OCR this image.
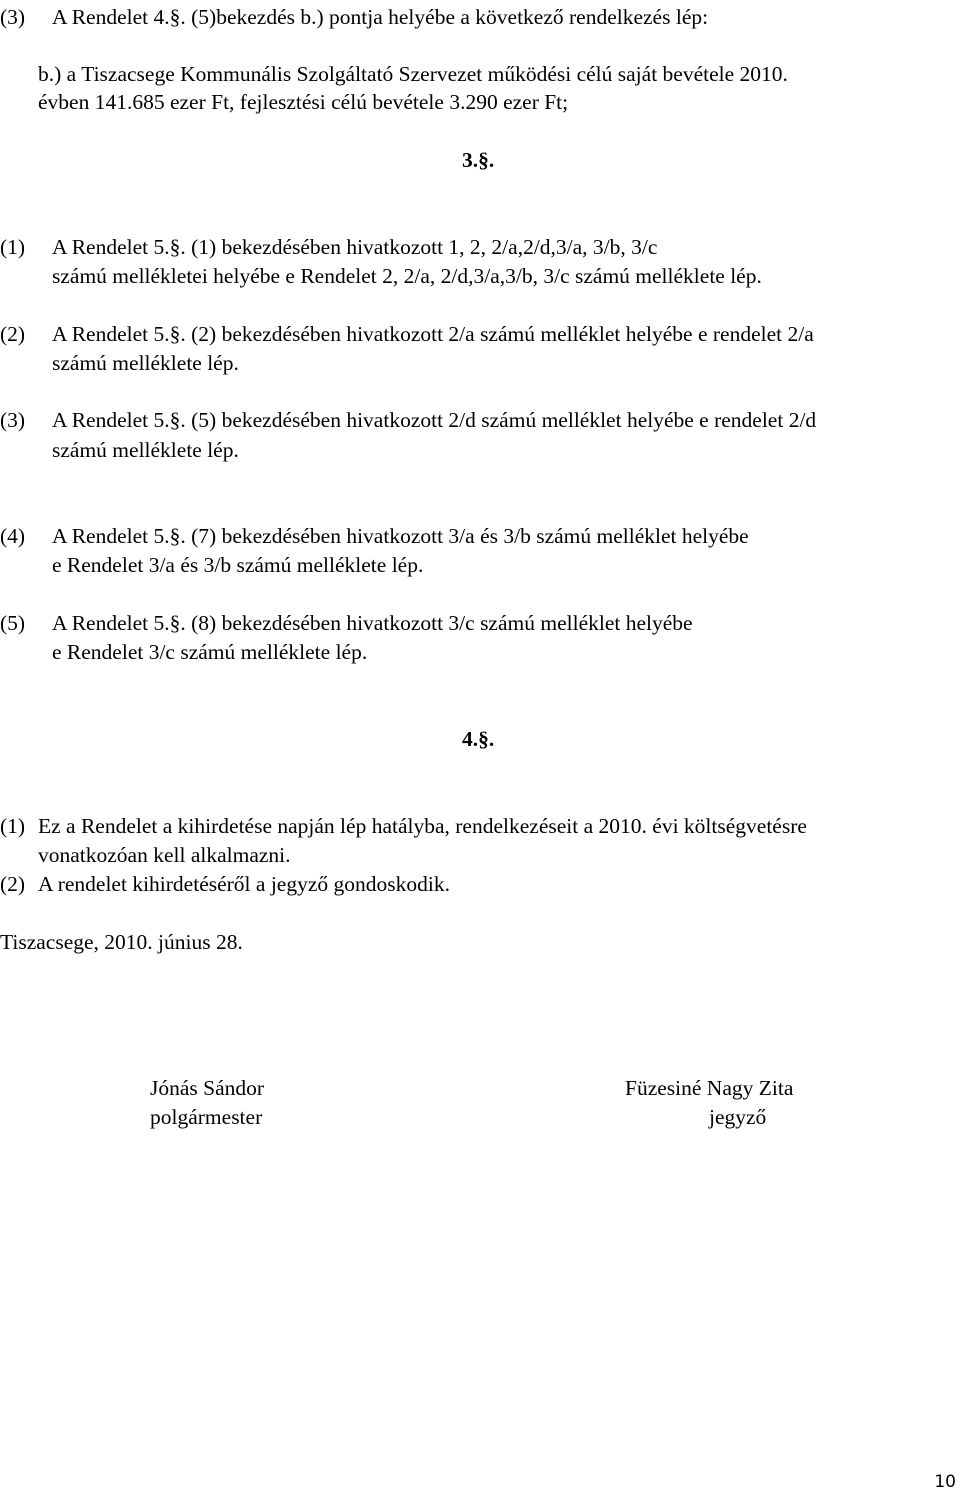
(3) A Rendelet 4.§. (5)bekezdés b.) pontja helyébe a következő rendelkezés lép:
b.) a Tiszacsege Kommunális Szolgáltató Szervezet működési célú saját bevétele 2010.
évben 141.685 ezer Ft, fejlesztési célú bevétele 3.290 ezer Ft;
3.§.
(1) A Rendelet 5.§. (1) bekezdésében hivatkozott 1, 2, 2/a,2/d,3/a, 3/b, 3/c
számú mellékletei helyébe e Rendelet 2, 2/a, 2/d,3/a,3/b, 3/c számú melléklete lép.
(2) A Rendelet 5.§. (2) bekezdésében hivatkozott 2/a számú melléklet helyébe e rendelet 2/a
számú melléklete lép.
(3) A Rendelet 5.§. (5) bekezdésében hivatkozott 2/d számú melléklet helyébe e rendelet 2/d
számú melléklete lép.
(4) A Rendelet 5.§. (7) bekezdésében hivatkozott 3/a és 3/b számú melléklet helyébe
e Rendelet 3/a és 3/b számú melléklete lép.
(5) A Rendelet 5.§. (8) bekezdésében hivatkozott 3/c számú melléklet helyébe
e Rendelet 3/c számú melléklete lép.
4.§.
(1) Ez a Rendelet a kihirdetése napján lép hatályba, rendelkezéseit a 2010. évi költségvetésre
vonatkozóan kell alkalmazni.
(2) A rendelet kihirdetéséről a jegyző gondoskodik.
Tiszacsege, 2010. június 28.
Jónás Sándor
polgármester
Füzesiné Nagy Zita
jegyző
10
